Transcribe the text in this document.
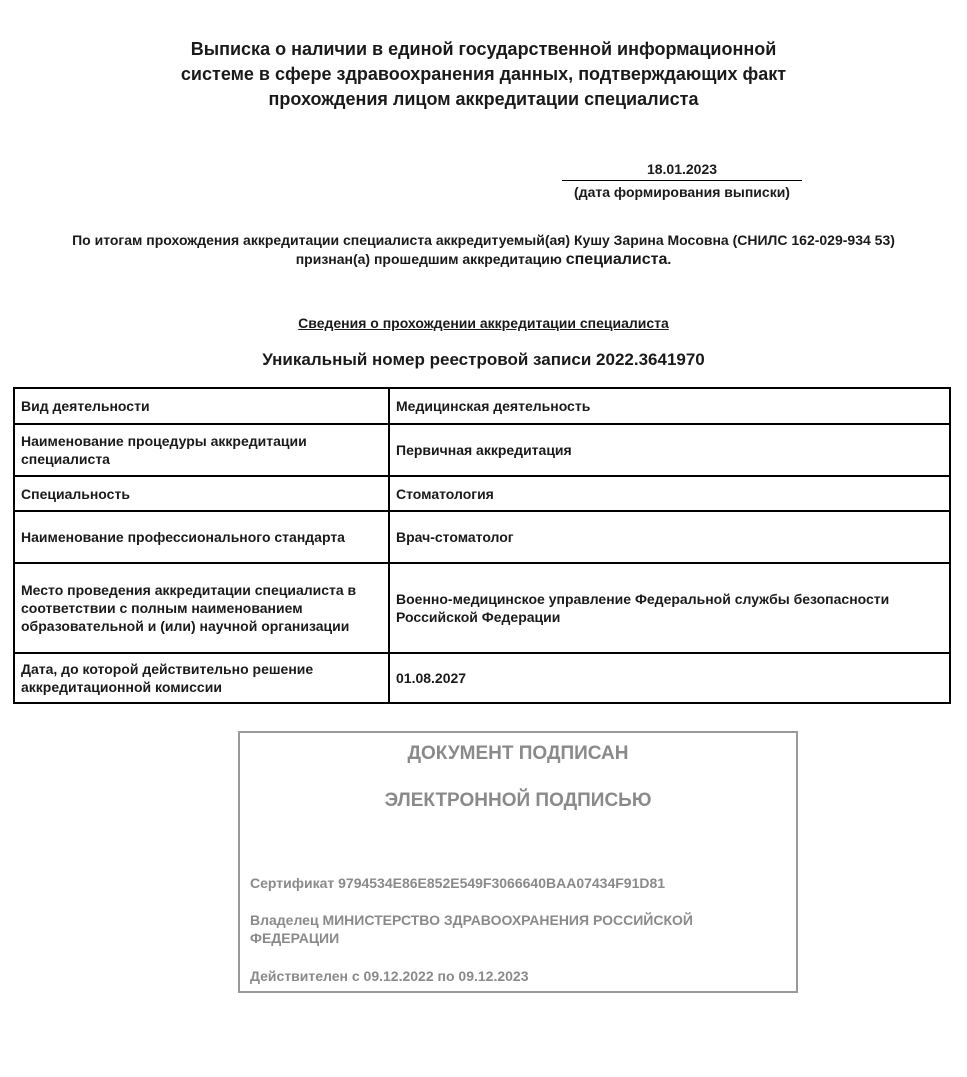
Выписка о наличии в единой государственной информационной
системе в сфере здравоохранения данных, подтверждающих факт
прохождения лицом аккредитации специалиста
18.01.2023
(дата формирования выписки)
По итогам прохождения аккредитации специалиста аккредитуемый(ая) Кушу Зарина Мосовна (СНИЛС 162-029-934 53)
признан(а) прошедшим аккредитацию специалиста.
Сведения о прохождении аккредитации специалиста
Уникальный номер реестровой записи 2022.3641970
Вид деятельности	Медицинская деятельность
Наименование процедуры аккредитации специалиста	Первичная аккредитация
Специальность	Стоматология
Наименование профессионального стандарта	Врач-стоматолог
Место проведения аккредитации специалиста в соответствии с полным наименованием образовательной и (или) научной организации	Военно-медицинское управление Федеральной службы безопасности Российской Федерации
Дата, до которой действительно решение аккредитационной комиссии	01.08.2027
ДОКУМЕНТ ПОДПИСАН
ЭЛЕКТРОННОЙ ПОДПИСЬЮ
Сертификат 9794534E86E852E549F3066640BAA07434F91D81
Владелец МИНИСТЕРСТВО ЗДРАВООХРАНЕНИЯ РОССИЙСКОЙ ФЕДЕРАЦИИ
Действителен с 09.12.2022 по 09.12.2023
